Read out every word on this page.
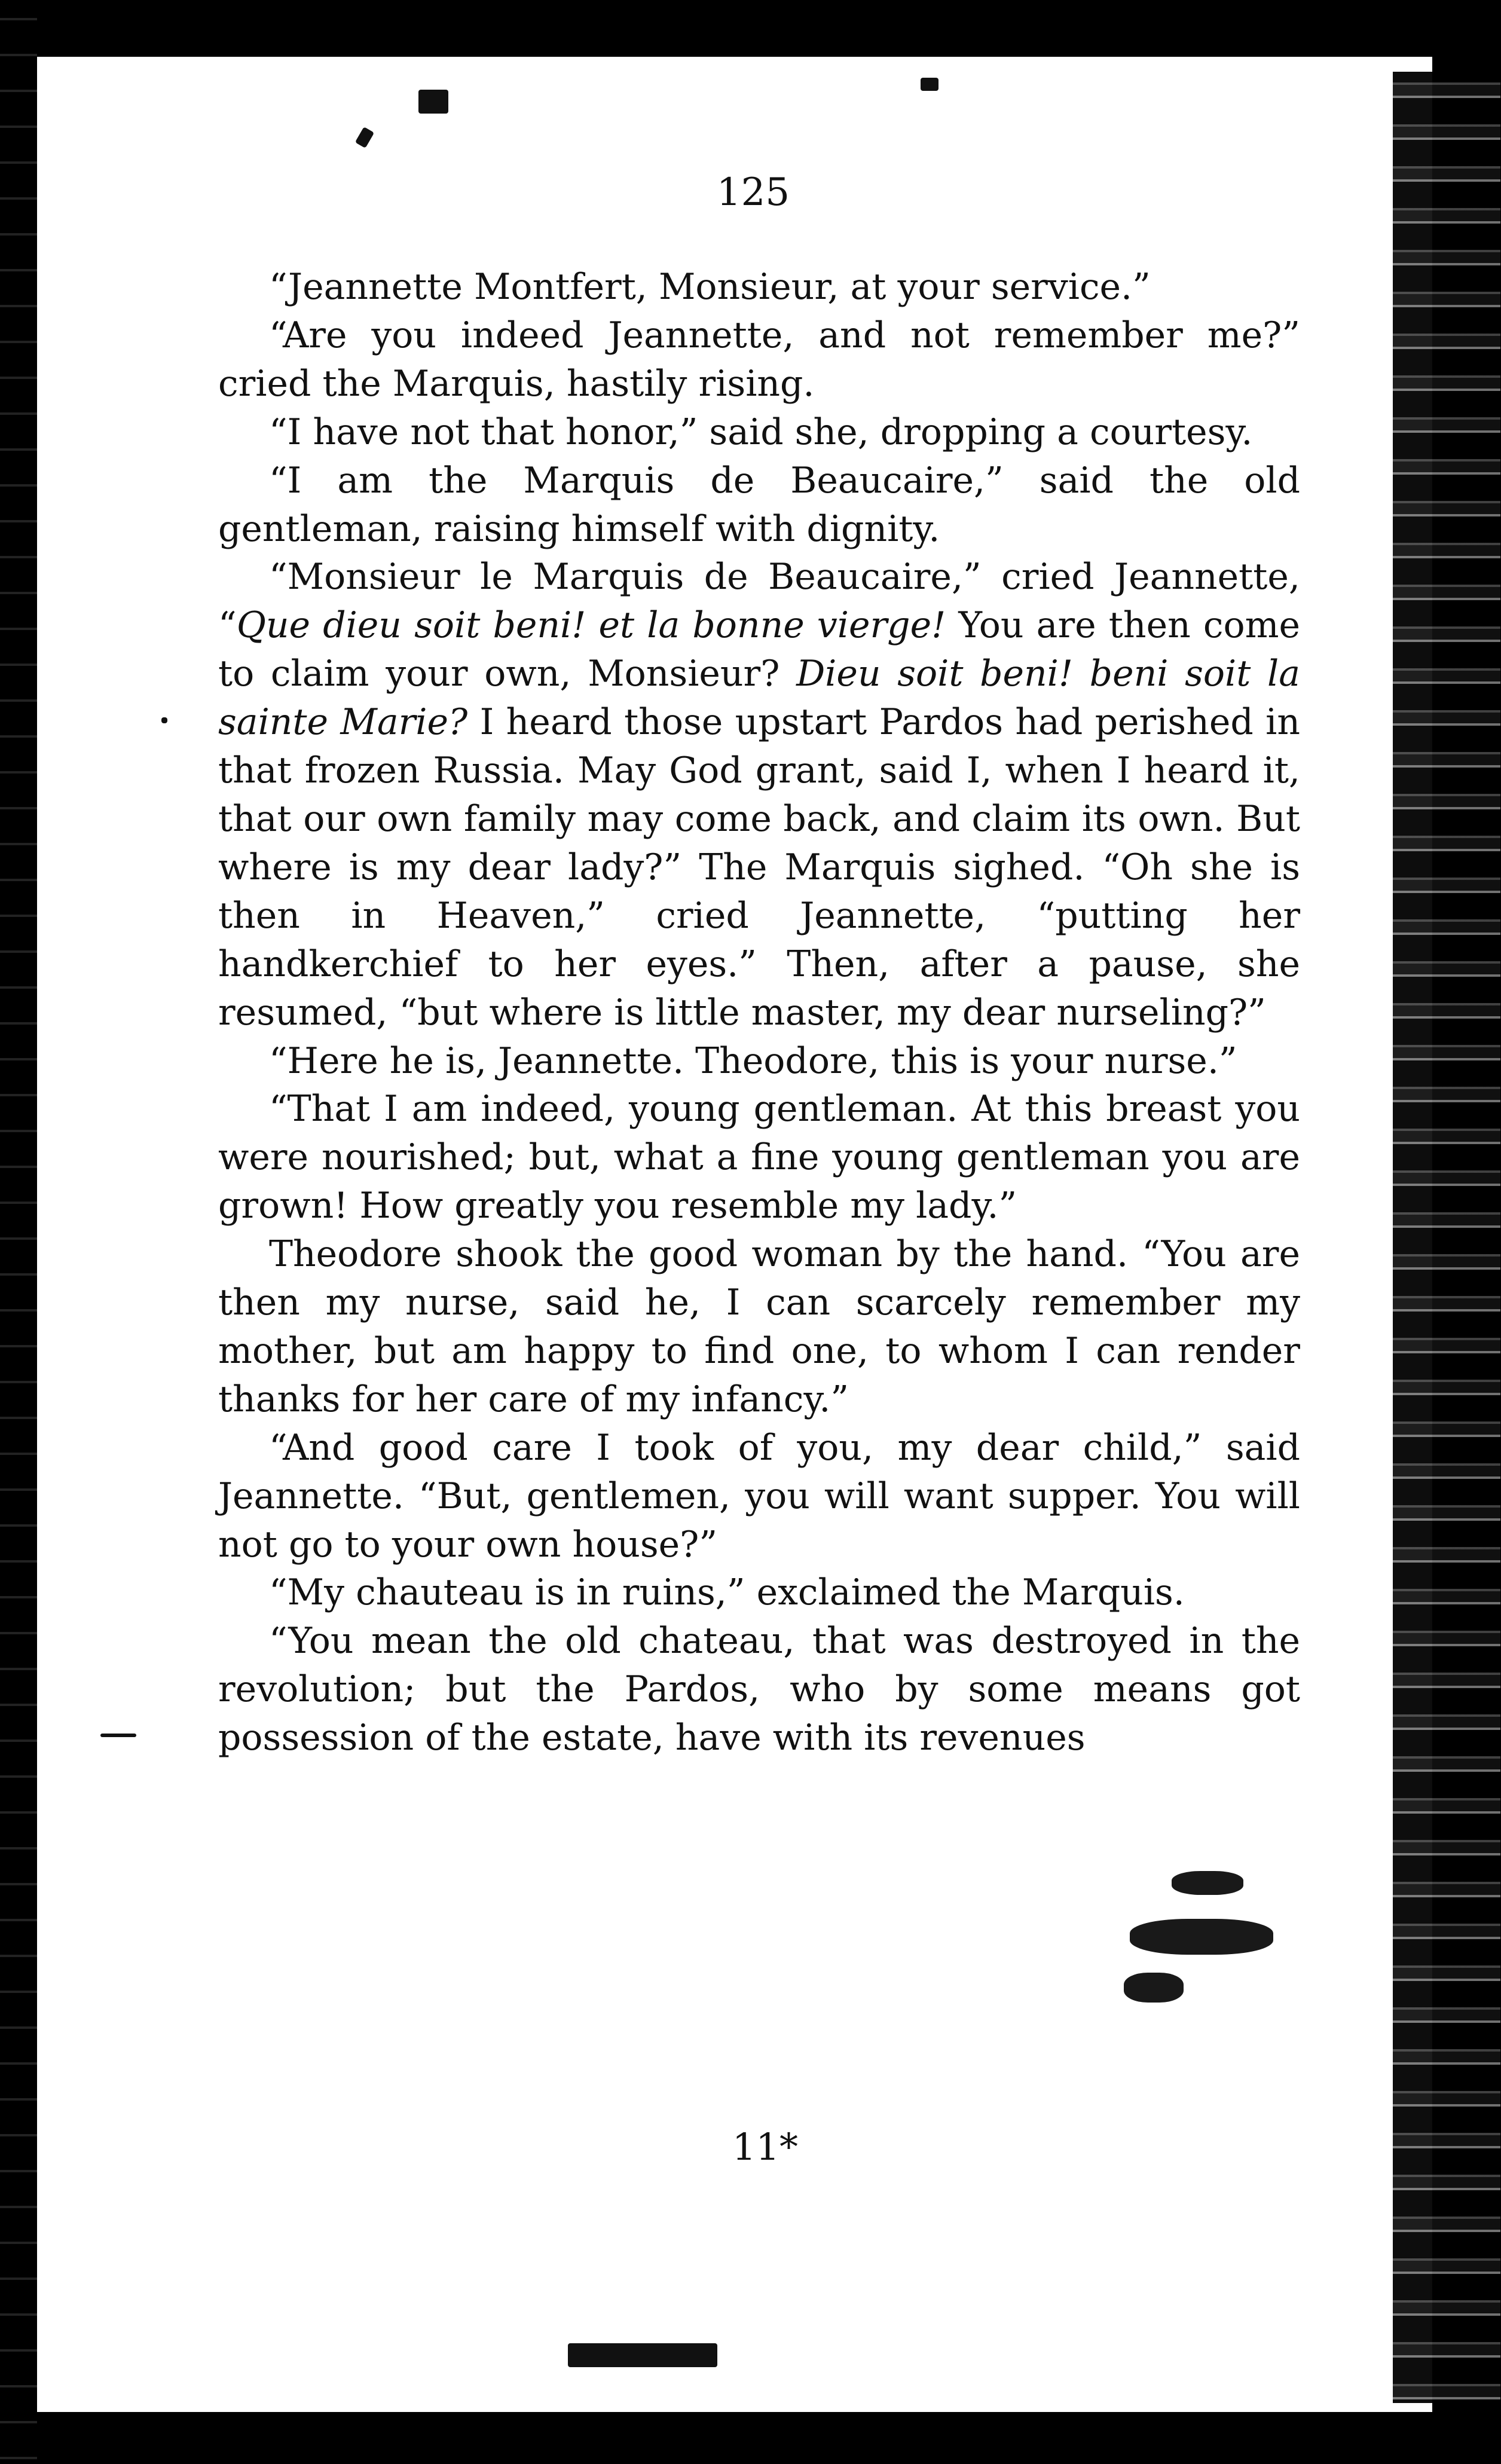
125

“Jeannette Montfert, Monsieur, at your service.”

“Are you indeed Jeannette, and not remember me?” cried the Marquis, hastily rising.

“I have not that honor,” said she, dropping a courtesy.

“I am the Marquis de Beaucaire,” said the old gentleman, raising himself with dignity.

“Monsieur le Marquis de Beaucaire,” cried Jeannette, “Que dieu soit beni! et la bonne vierge! You are then come to claim your own, Monsieur? Dieu soit beni! beni soit la sainte Marie? I heard those upstart Pardos had perished in that frozen Russia. May God grant, said I, when I heard it, that our own family may come back, and claim its own. But where is my dear lady?” The Marquis sighed. “Oh she is then in Heaven,” cried Jeannette, “putting her handkerchief to her eyes.” Then, after a pause, she resumed, “but where is little master, my dear nurseling?”

“Here he is, Jeannette. Theodore, this is your nurse.”

“That I am indeed, young gentleman. At this breast you were nourished; but, what a fine young gentleman you are grown! How greatly you resemble my lady.”

Theodore shook the good woman by the hand. “You are then my nurse, said he, I can scarcely remember my mother, but am happy to find one, to whom I can render thanks for her care of my infancy.”

“And good care I took of you, my dear child,” said Jeannette. “But, gentlemen, you will want supper. You will not go to your own house?”

“My chauteau is in ruins,” exclaimed the Marquis.

“You mean the old chateau, that was destroyed in the revolution; but the Pardos, who by some means got possession of the estate, have with its revenues

11*
